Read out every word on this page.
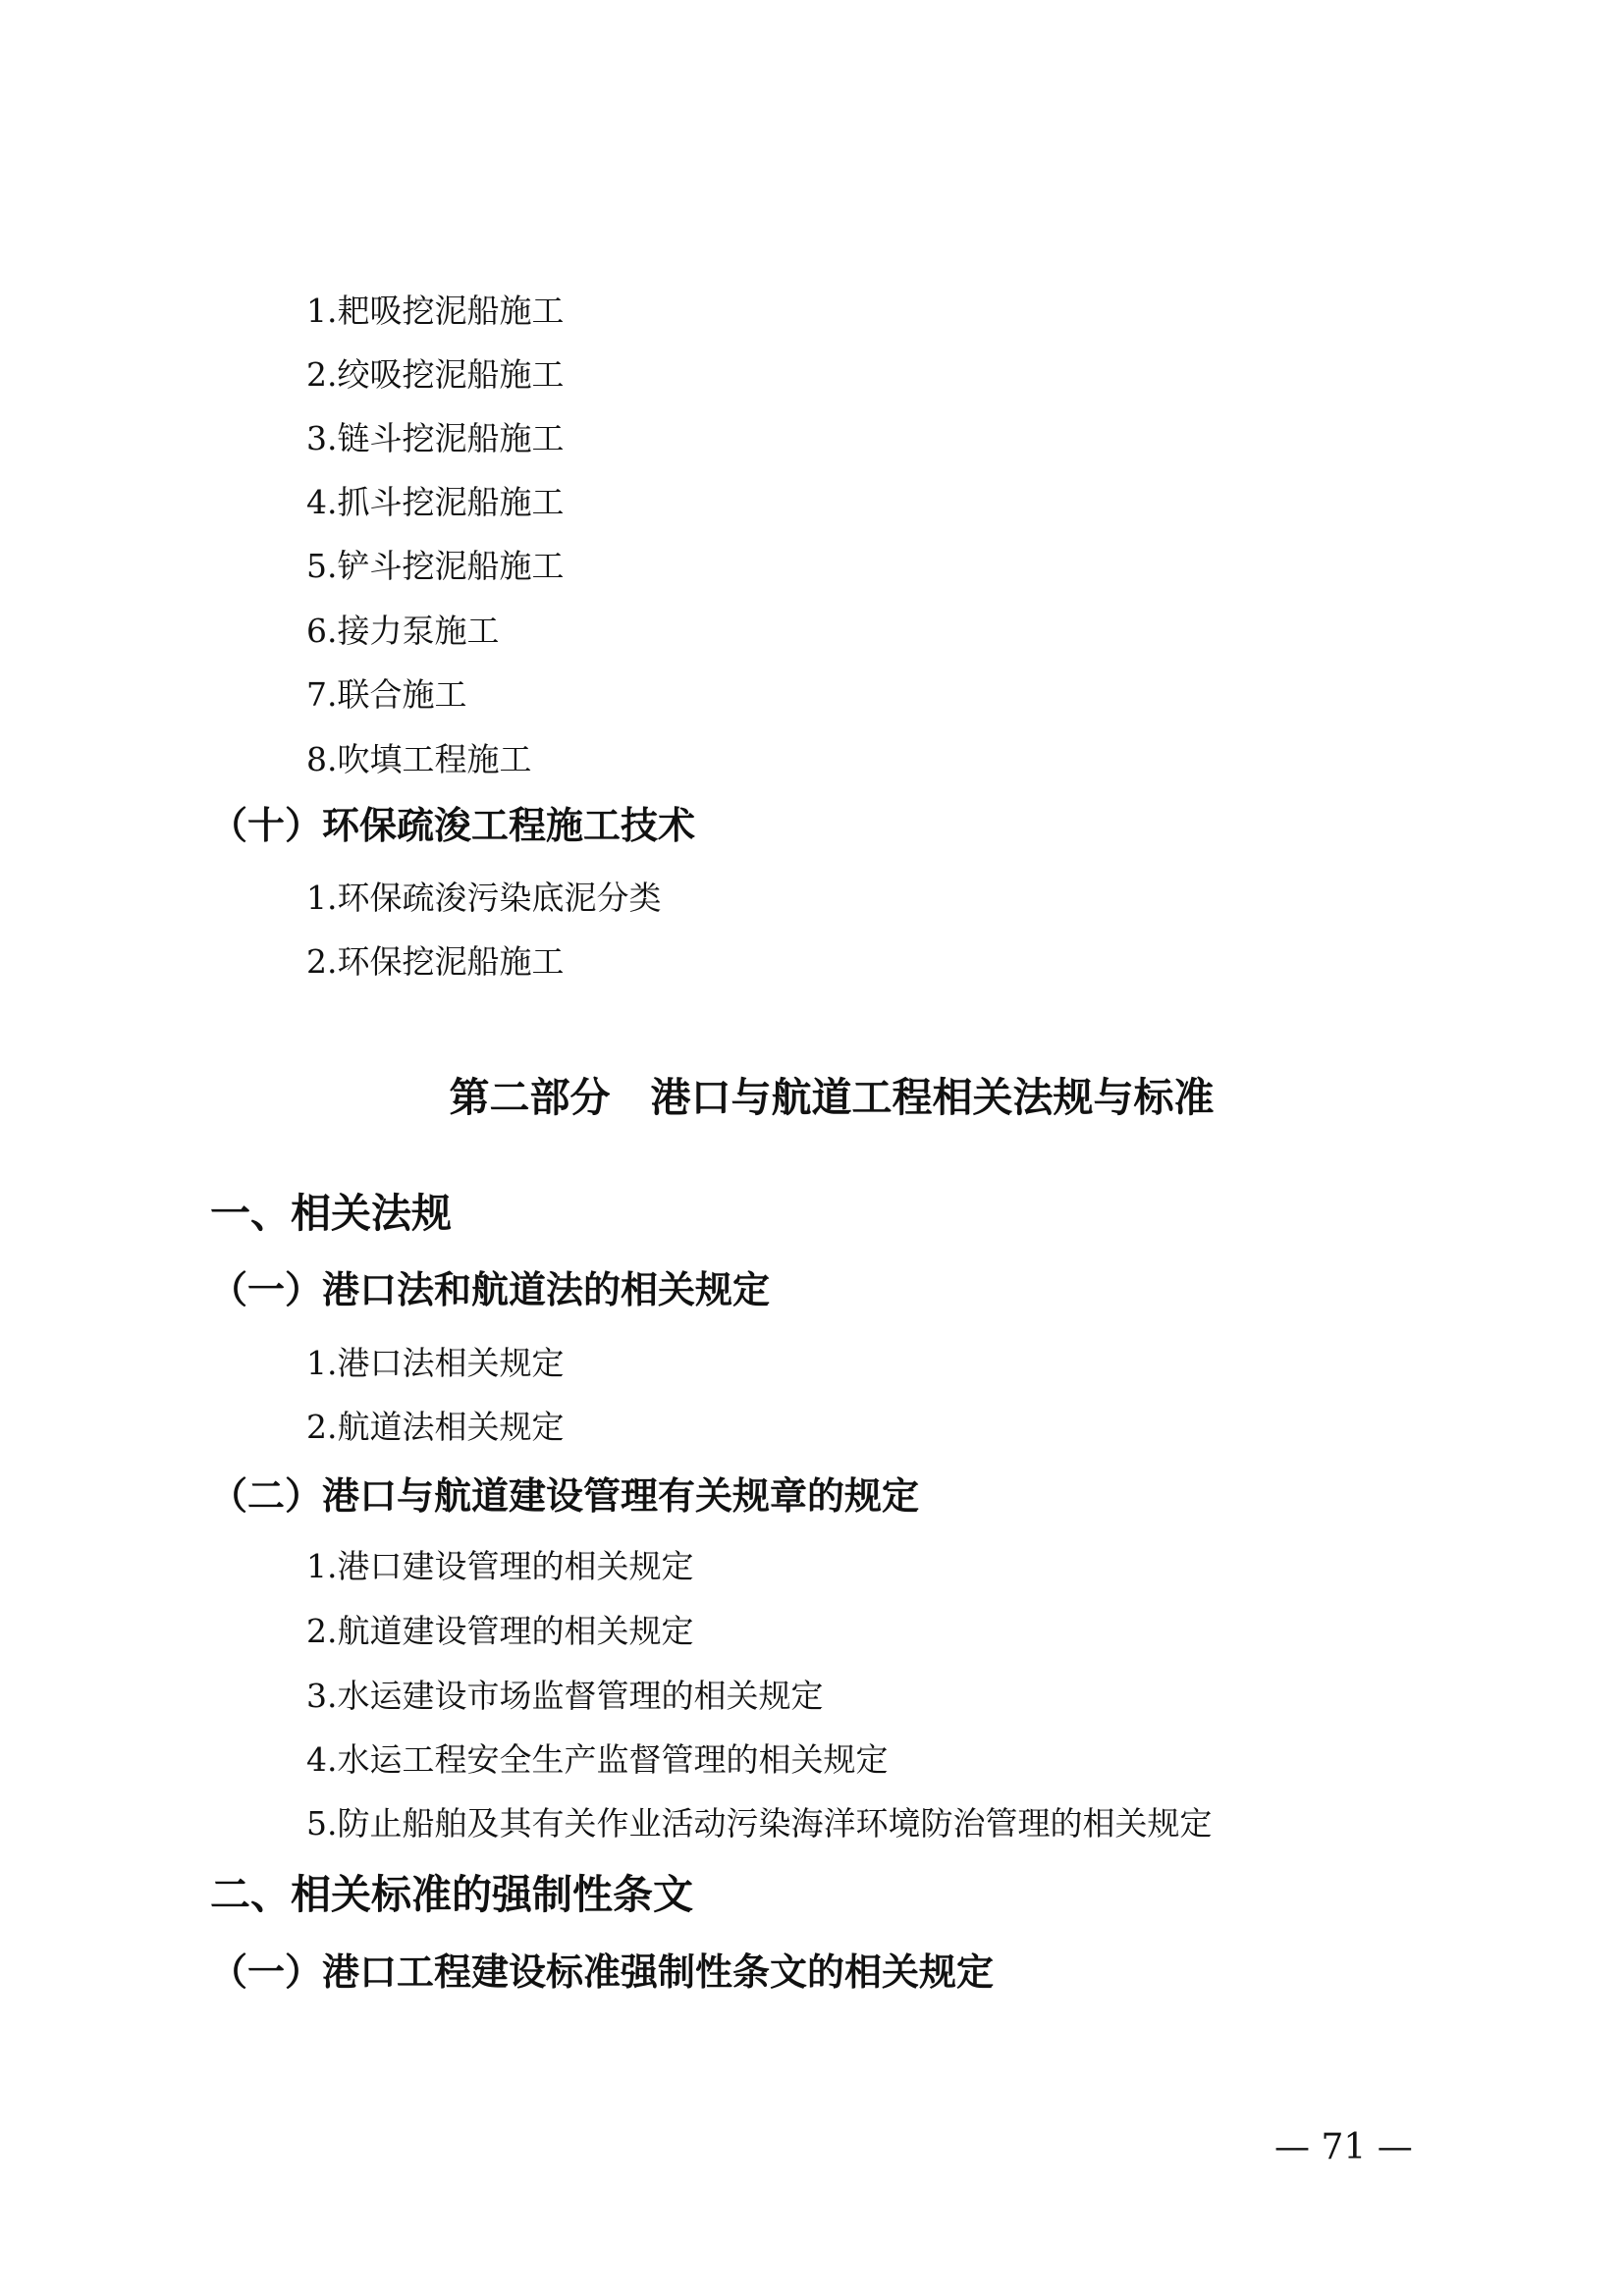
1.耙吸挖泥船施工
2.绞吸挖泥船施工
3.链斗挖泥船施工
4.抓斗挖泥船施工
5.铲斗挖泥船施工
6.接力泵施工
7.联合施工
8.吹填工程施工
（十）环保疏浚工程施工技术
1.环保疏浚污染底泥分类
2.环保挖泥船施工
第二部分　港口与航道工程相关法规与标准
一、相关法规
（一）港口法和航道法的相关规定
1.港口法相关规定
2.航道法相关规定
（二）港口与航道建设管理有关规章的规定
1.港口建设管理的相关规定
2.航道建设管理的相关规定
3.水运建设市场监督管理的相关规定
4.水运工程安全生产监督管理的相关规定
5.防止船舶及其有关作业活动污染海洋环境防治管理的相关规定
二、相关标准的强制性条文
（一）港口工程建设标准强制性条文的相关规定
— 71 —
